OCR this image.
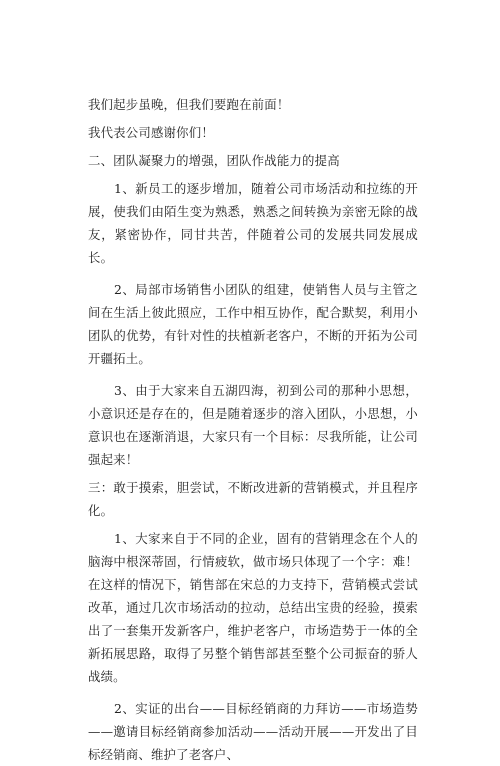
我们起步虽晚，但我们要跑在前面！

我代表公司感谢你们！

二、团队凝聚力的增强，团队作战能力的提高

1、新员工的逐步增加，随着公司市场活动和拉练的开展，使我们由陌生变为熟悉，熟悉之间转换为亲密无除的战友，紧密协作，同甘共苦，伴随着公司的发展共同发展成长。

2、局部市场销售小团队的组建，使销售人员与主管之间在生活上彼此照应，工作中相互协作，配合默契，利用小团队的优势，有针对性的扶植新老客户，不断的开拓为公司开疆拓土。

3、由于大家来自五湖四海，初到公司的那种小思想，小意识还是存在的，但是随着逐步的溶入团队，小思想，小意识也在逐渐消退，大家只有一个目标：尽我所能，让公司强起来！

三：敢于摸索，胆尝试，不断改进新的营销模式，并且程序化。

1、大家来自于不同的企业，固有的营销理念在个人的脑海中根深蒂固，行情疲软，做市场只体现了一个字：难！在这样的情况下，销售部在宋总的力支持下，营销模式尝试改革，通过几次市场活动的拉动，总结出宝贵的经验，摸索出了一套集开发新客户，维护老客户，市场造势于一体的全新拓展思路，取得了另整个销售部甚至整个公司振奋的骄人战绩。

2、实证的出台——目标经销商的力拜访——市场造势——邀请目标经销商参加活动——活动开展——开发出了目标经销商、维护了老客户、
